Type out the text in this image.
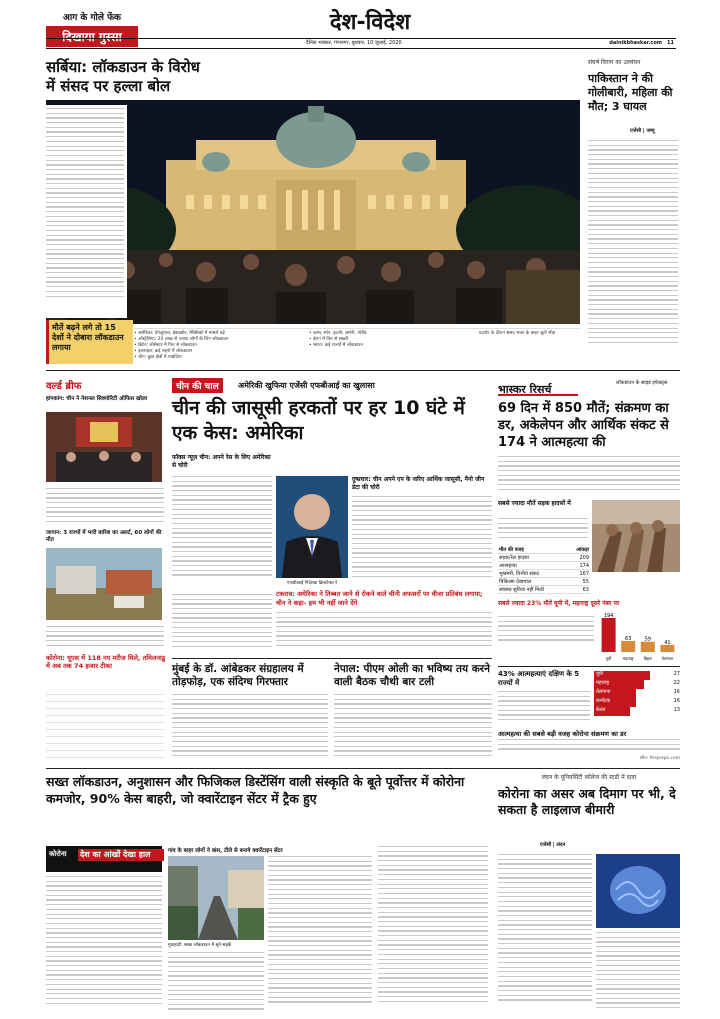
आग के गोले फेंक
दिखाया गुस्सा
देश-विदेश
दैनिक भास्कर, गंगानगर, बुधवार, 10 जुलाई, 2020	dainikbhaskar.com 11
सर्बिया: लॉकडाउन के विरोध में संसद पर हल्ला बोल
मौतें बढ़ने लगे तो 15 देशों ने दोबारा लॉकडाउन लगाया
• अमेरिका: वेनेजुएला, ईक्वाडोर, मैक्सिको में मामले बढ़े
• ऑस्ट्रेलिया: 20 लाख से ज्यादा लोगों के लिए लॉकडाउन
• ब्रिटेन: लीसेस्टर में फिर से लॉकडाउन
• इजराइल: कई शहरों में लॉकडाउन
• चीन: कुछ क्षेत्रों में पाबंदियां
• फ्रांस, स्पेन, इटली, जर्मनी, पोलैंड
• ईरान में फिर से सख्ती
• भारत: कई राज्यों में लॉकडाउन
प्रदर्शन के दौरान संसद भवन के बाहर जुटी भीड़
संघर्ष विराम का उल्लंघन
पाकिस्तान ने की गोलीबारी, महिला की मौत; 3 घायल
एजेंसी | जम्मू
वर्ल्ड ब्रीफ
हांगकांग: चीन ने नेशनल सिक्योरिटी ऑफिस खोला
जापान: 3 राज्यों में भारी बारिश का अलर्ट, 60 लोगों की मौत
कोरोना: यूएस में 118 नए मरीज मिले, तमिलनाडु में अब तक 74 हजार टीका
चीन की चाल	अमेरिकी खुफिया एजेंसी एफबीआई का खुलासा
चीन की जासूसी हरकतों पर हर 10 घंटे में एक केस: अमेरिका
फॉक्स न्यूज़ चीन: अपने रेस के लिए अमेरिका से चोरी
एफबीआई निदेशक क्रिस्टोफर रे
दुष्प्रचार: चीन अपने एप के जरिए आर्थिक जासूसी, नैनो जीन डेटा की चोरी
टकराव: अमेरिका ने तिब्बत जाने से रोकने वाले चीनी अफसरों पर वीजा प्रतिबंध लगाया; चीन ने कहा- हम भी नहीं जाने देंगे
मुंबई के डॉ. आंबेडकर संग्रहालय में तोड़फोड़, एक संदिग्ध गिरफ्तार
नेपाल: पीएम ओली का भविष्य तय करने वाली बैठक चौथी बार टली
भास्कर रिसर्च	लॉकडाउन के साइड इफेक्ट्स
69 दिन में 850 मौतें; संक्रमण का डर, अकेलेपन और आर्थिक संकट से 174 ने आत्महत्या की
सबसे ज्यादा मौतें सड़क हादसों में
मौत की वजह	आंकड़ा
सड़क/रेल हादसा	209
आत्महत्या	174
भुखमरी, वित्तीय संकट	167
चिकित्सा देखभाल	55
स्वास्थ्य सुविधा नहीं मिली	63
सबसे ज्यादा 23% मौतें यूपी में, महाराष्ट्र दूसरे नंबर पर
194
यूपी
63
महाराष्ट्र
59
बिहार
41
तेलंगाना
43% आत्महत्याएं दक्षिण के 5 राज्यों में
यूपी	27
महाराष्ट्र	22
तेलंगाना	16
कर्नाटक	16
केरल	13
आत्महत्या की सबसे बड़ी वजह कोरोना संक्रमण का डर
स्रोत: thejeeps.com
सख्त लॉकडाउन, अनुशासन और फिजिकल डिस्टेंसिंग वाली संस्कृति के बूते पूर्वोत्तर में कोरोना कमजोर, 90% केस बाहरी, जो क्वारेंटाइन सेंटर में ट्रैक हुए
कोरोना देश का आंखों देखा हाल	गांव के बाहर लोगों ने बांस, टीले से बनाये क्वारेंटाइन सेंटर
गुवाहाटी: सख्त लॉकडाउन में सूने सड़कें
लंदन के यूनिवर्सिटी कॉलेज की स्टडी में दावा
कोरोना का असर अब दिमाग पर भी, दे सकता है लाइलाज बीमारी
एजेंसी | लंदन
